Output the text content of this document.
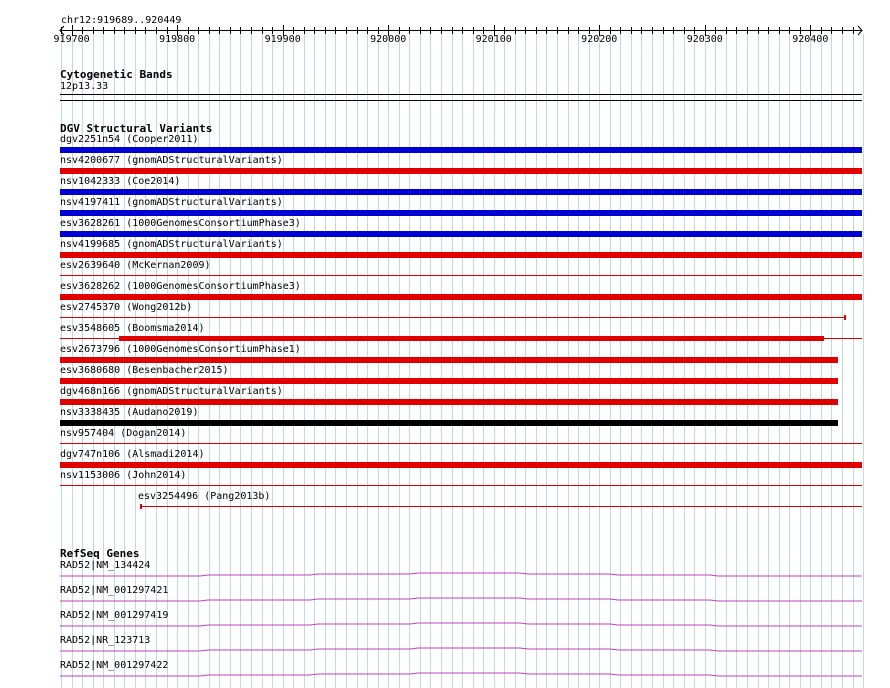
chr12:919689..920449
919700	919800	919900	920000	920100	920200	920300	920400
Cytogenetic Bands
12p13.33
DGV Structural Variants
dgv2251n54 (Cooper2011)
nsv4200677 (gnomADStructuralVariants)
nsv1042333 (Coe2014)
nsv4197411 (gnomADStructuralVariants)
esv3628261 (1000GenomesConsortiumPhase3)
nsv4199685 (gnomADStructuralVariants)
esv2639640 (McKernan2009)
esv3628262 (1000GenomesConsortiumPhase3)
esv2745370 (Wong2012b)
esv3548605 (Boomsma2014)
esv2673796 (1000GenomesConsortiumPhase1)
esv3680680 (Besenbacher2015)
dgv468n166 (gnomADStructuralVariants)
nsv3338435 (Audano2019)
nsv957404 (Dogan2014)
dgv747n106 (Alsmadi2014)
nsv1153006 (John2014)
esv3254496 (Pang2013b)
RefSeq Genes
RAD52|NM_134424
RAD52|NM_001297421
RAD52|NM_001297419
RAD52|NR_123713
RAD52|NM_001297422
